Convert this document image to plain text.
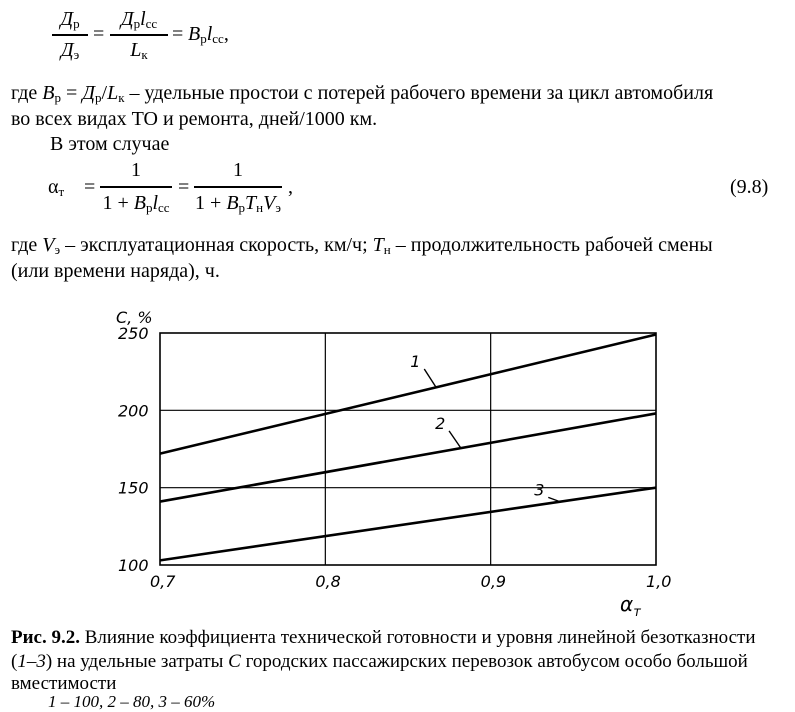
$Д_р$
$Д_э$
=
$Д_рl_{сс}$
$L_к$
= $B_рl_{сс}$,
где $B_р = Д_р/L_к$ – удельные простои с потерей рабочего времени за цикл автомобиля
во всех видах ТО и ремонта, дней/1000 км.
В этом случае
$\alpha_т$ =
1
$1 + B_рl_{сс}$
=
1
$1 + B_рT_нV_э$
,	(9.8)
где $V_э$ – эксплуатационная скорость, км/ч; $T_н$ – продолжительность рабочей смены
(или времени наряда), ч.
1
2
3
0,7	0,8	0,9	1,0
100
150
200
250
C, %
$\alpha_т$
Рис. 9.2. Влияние коэффициента технической готовности и уровня линейной безотказности
(1–3) на удельные затраты C городских пассажирских перевозок автобусом особо большой
вместимости
1 – 100, 2 – 80, 3 – 60%
